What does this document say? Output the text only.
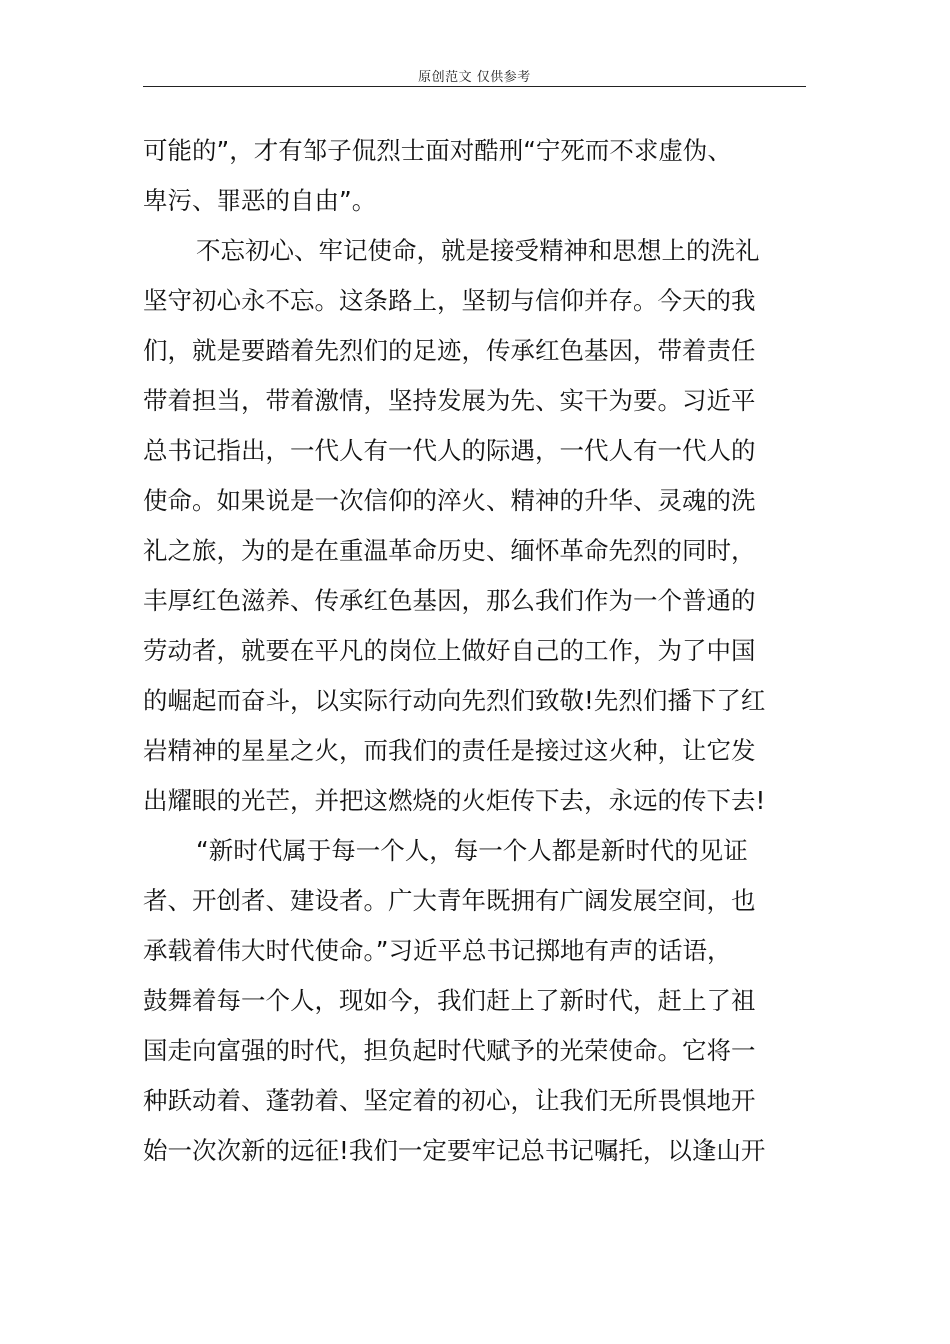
原创范文 仅供参考
可能的”，才有邹子侃烈士面对酷刑“宁死而不求虚伪、
卑污、罪恶的自由”。
不忘初心、牢记使命，就是接受精神和思想上的洗礼
坚守初心永不忘。这条路上，坚韧与信仰并存。今天的我
们，就是要踏着先烈们的足迹，传承红色基因，带着责任
带着担当，带着激情，坚持发展为先、实干为要。习近平
总书记指出，一代人有一代人的际遇，一代人有一代人的
使命。如果说是一次信仰的淬火、精神的升华、灵魂的洗
礼之旅，为的是在重温革命历史、缅怀革命先烈的同时，
丰厚红色滋养、传承红色基因，那么我们作为一个普通的
劳动者，就要在平凡的岗位上做好自己的工作，为了中国
的崛起而奋斗，以实际行动向先烈们致敬!先烈们播下了红
岩精神的星星之火，而我们的责任是接过这火种，让它发
出耀眼的光芒，并把这燃烧的火炬传下去，永远的传下去!
“新时代属于每一个人，每一个人都是新时代的见证
者、开创者、建设者。广大青年既拥有广阔发展空间，也
承载着伟大时代使命。”习近平总书记掷地有声的话语，
鼓舞着每一个人，现如今，我们赶上了新时代，赶上了祖
国走向富强的时代，担负起时代赋予的光荣使命。它将一
种跃动着、蓬勃着、坚定着的初心，让我们无所畏惧地开
始一次次新的远征!我们一定要牢记总书记嘱托，以逢山开
